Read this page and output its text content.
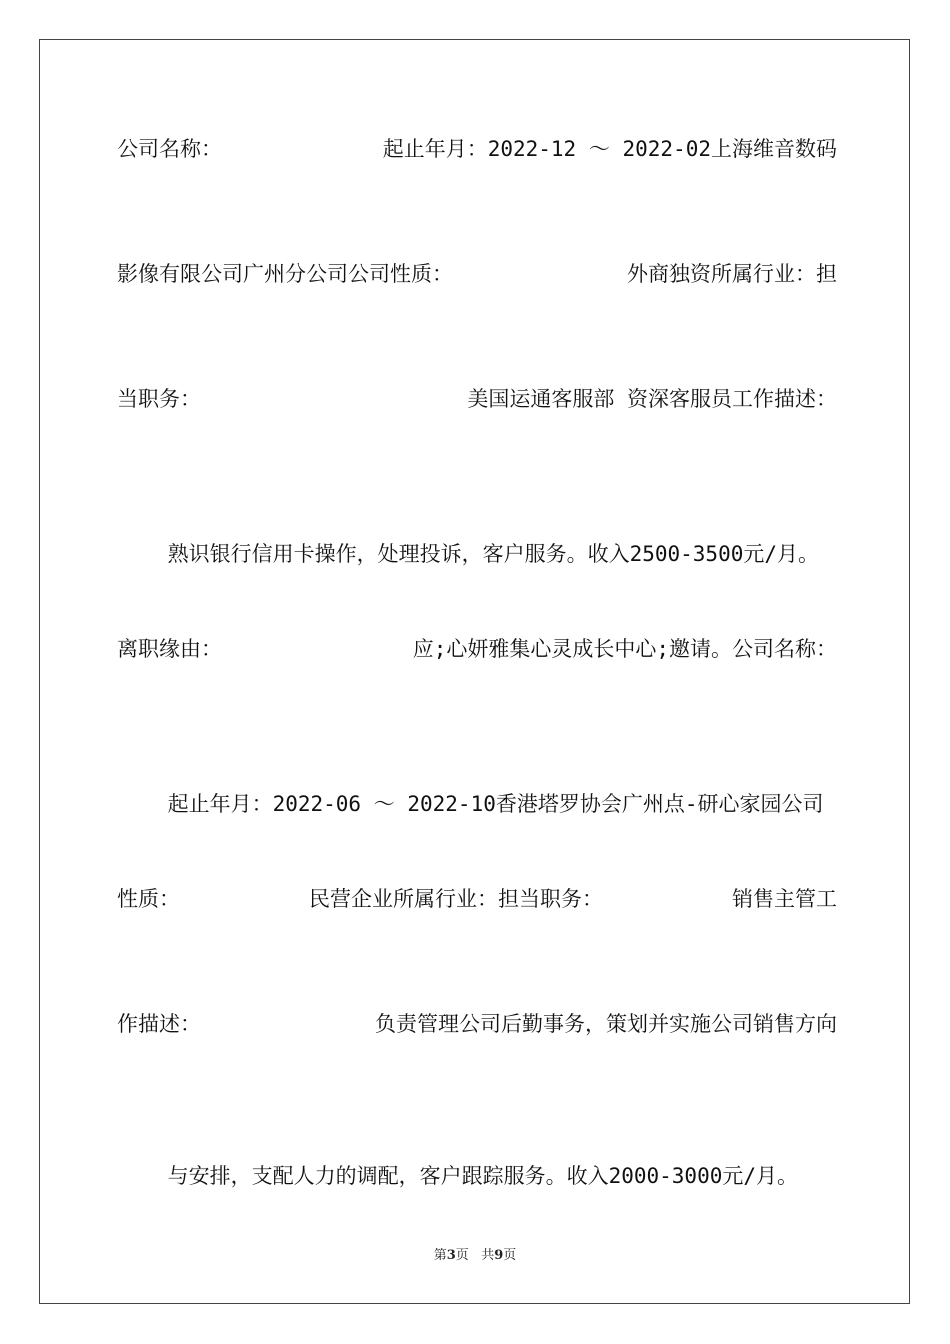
公司名称：	起止年月：2022-12 ～ 2022-02上海维音数码
影像有限公司广州分公司公司性质：	外商独资所属行业：担
当职务：	美国运通客服部 资深客服员工作描述：

熟识银行信用卡操作，处理投诉，客户服务。收入2500-3500元/月。

离职缘由：	应;心妍雅集心灵成长中心;邀请。公司名称：

起止年月：2022-06 ～ 2022-10香港塔罗协会广州点-研心家园公司

性质：	民营企业所属行业：担当职务：	销售主管工
作描述：	负责管理公司后勤事务，策划并实施公司销售方向

与安排，支配人力的调配，客户跟踪服务。收入2000-3000元/月。

第3页 共9页
